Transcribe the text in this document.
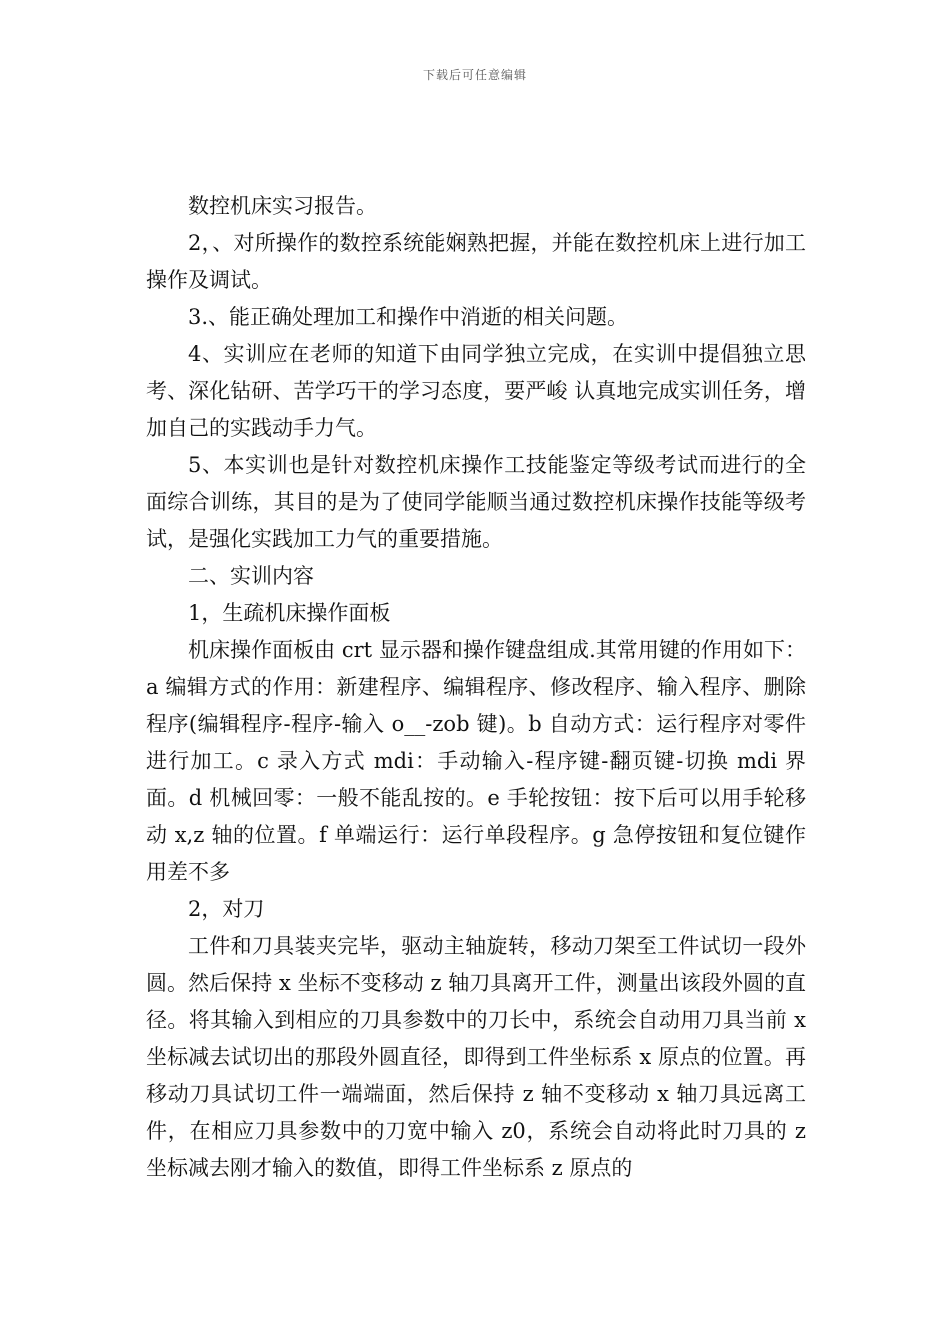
下载后可任意编辑

数控机床实习报告。

2，、对所操作的数控系统能娴熟把握，并能在数控机床上进行加工操作及调试。

3.、能正确处理加工和操作中消逝的相关问题。

4、实训应在老师的知道下由同学独立完成，在实训中提倡独立思考、深化钻研、苦学巧干的学习态度，要严峻 认真地完成实训任务，增加自己的实践动手力气。

5、本实训也是针对数控机床操作工技能鉴定等级考试而进行的全面综合训练，其目的是为了使同学能顺当通过数控机床操作技能等级考试，是强化实践加工力气的重要措施。

二、实训内容

1，生疏机床操作面板

机床操作面板由 crt 显示器和操作键盘组成.其常用键的作用如下：a 编辑方式的作用：新建程序、编辑程序、修改程序、输入程序、删除程序(编辑程序-程序-输入 o__-zob 键)。b 自动方式：运行程序对零件进行加工。c 录入方式 mdi：手动输入-程序键-翻页键-切换 mdi 界面。d 机械回零：一般不能乱按的。e 手轮按钮：按下后可以用手轮移动 x,z 轴的位置。f 单端运行：运行单段程序。g 急停按钮和复位键作用差不多

2，对刀

工件和刀具装夹完毕，驱动主轴旋转，移动刀架至工件试切一段外圆。然后保持 x 坐标不变移动 z 轴刀具离开工件，测量出该段外圆的直径。将其输入到相应的刀具参数中的刀长中，系统会自动用刀具当前 x 坐标减去试切出的那段外圆直径，即得到工件坐标系 x 原点的位置。再移动刀具试切工件一端端面，然后保持 z 轴不变移动 x 轴刀具远离工件，在相应刀具参数中的刀宽中输入 z0，系统会自动将此时刀具的 z 坐标减去刚才输入的数值，即得工件坐标系 z 原点的
